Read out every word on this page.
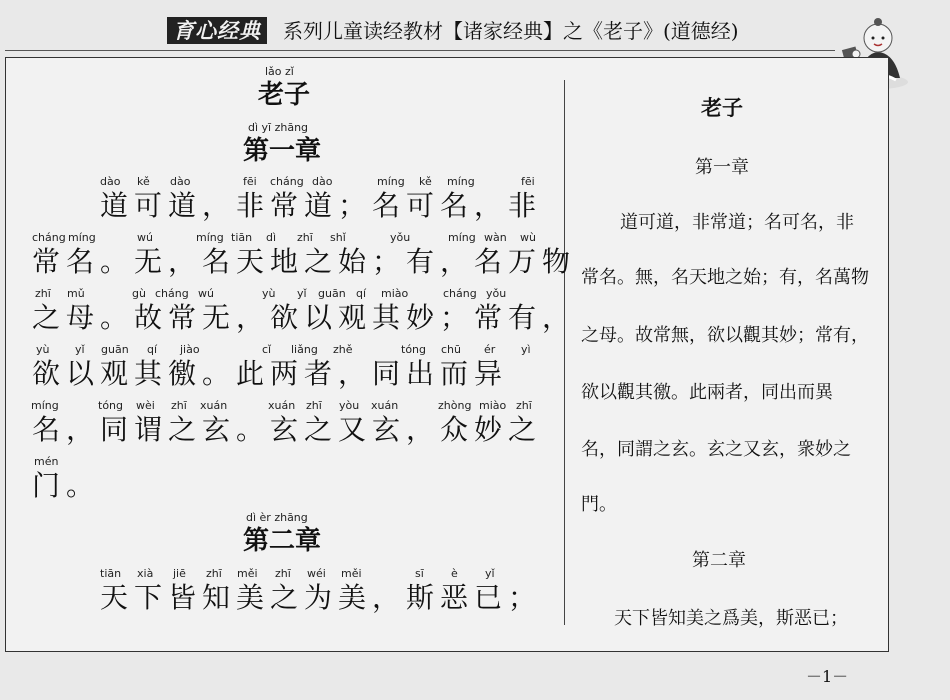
育心经典	系列儿童读经教材【诸家经典】之《老子》(道德经)
lǎo zǐ
老子
dì yī zhāng
第一章
dào kě dào	fēi cháng dào	míng kě míng	fēi
道可道，非常道；名可名，非
cháng míng	wú	míng tiān dì zhī shǐ	yǒu	míng wàn wù
常名。无，名天地之始；有，名万物
zhī mǔ	gù cháng wú	yù yǐ guān qí miào	cháng yǒu
之母。故常无，欲以观其妙；常有，
yù yǐ guān qí jiào	cǐ liǎng zhě	tóng chū ér yì
欲以观其徼。此两者，同出而异
míng	tóng wèi zhī xuán	xuán zhī yòu xuán	zhòng miào zhī
名，同谓之玄。玄之又玄，众妙之
mén
门。
dì èr zhāng
第二章
tiān xià jiē zhī měi zhī wéi měi	sī è yǐ
天下皆知美之为美，斯恶已；
老子
第一章
道可道，非常道；名可名，非
常名。無，名天地之始；有，名萬物
之母。故常無，欲以觀其妙；常有，
欲以觀其徼。此兩者，同出而異
名，同謂之玄。玄之又玄，衆妙之
門。
第二章
天下皆知美之爲美，斯恶已；
－1－
